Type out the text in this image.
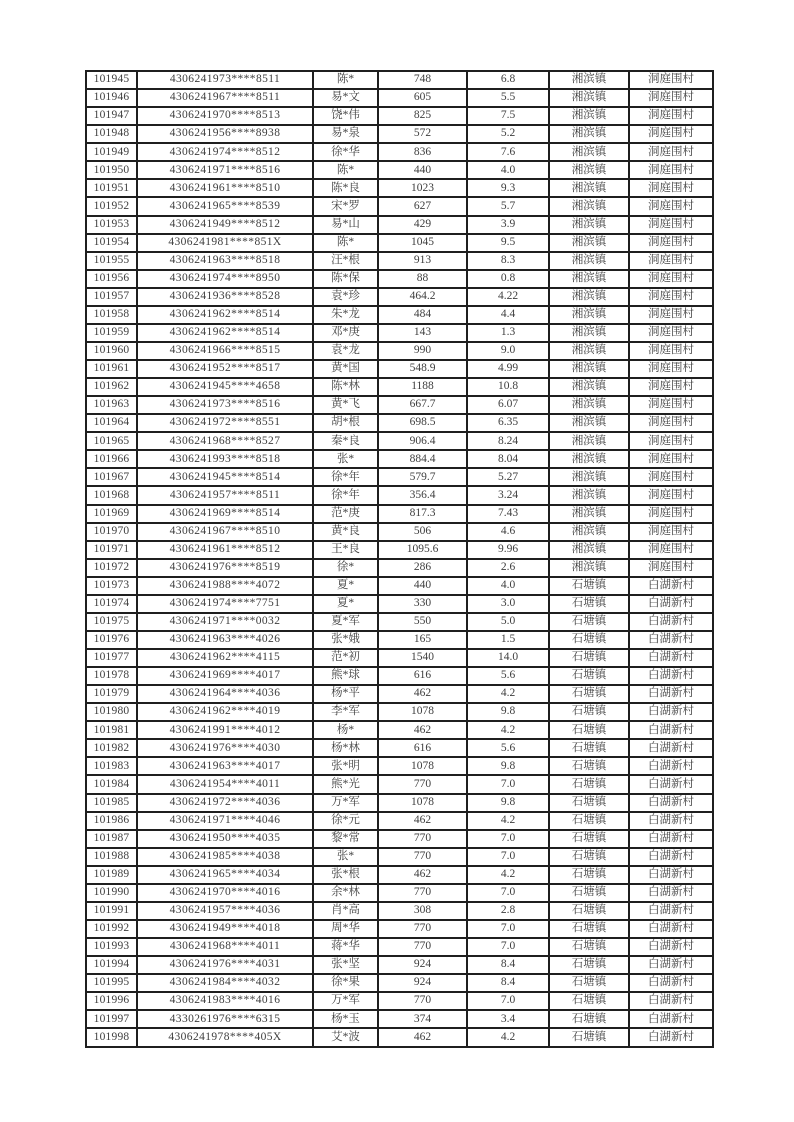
101945	4306241973****8511	陈*	748	6.8	湘滨镇	洞庭围村
101946	4306241967****8511	易*文	605	5.5	湘滨镇	洞庭围村
101947	4306241970****8513	饶*伟	825	7.5	湘滨镇	洞庭围村
101948	4306241956****8938	易*泉	572	5.2	湘滨镇	洞庭围村
101949	4306241974****8512	徐*华	836	7.6	湘滨镇	洞庭围村
101950	4306241971****8516	陈*	440	4.0	湘滨镇	洞庭围村
101951	4306241961****8510	陈*良	1023	9.3	湘滨镇	洞庭围村
101952	4306241965****8539	宋*罗	627	5.7	湘滨镇	洞庭围村
101953	4306241949****8512	易*山	429	3.9	湘滨镇	洞庭围村
101954	4306241981****851X	陈*	1045	9.5	湘滨镇	洞庭围村
101955	4306241963****8518	汪*根	913	8.3	湘滨镇	洞庭围村
101956	4306241974****8950	陈*保	88	0.8	湘滨镇	洞庭围村
101957	4306241936****8528	袁*珍	464.2	4.22	湘滨镇	洞庭围村
101958	4306241962****8514	朱*龙	484	4.4	湘滨镇	洞庭围村
101959	4306241962****8514	邓*庚	143	1.3	湘滨镇	洞庭围村
101960	4306241966****8515	袁*龙	990	9.0	湘滨镇	洞庭围村
101961	4306241952****8517	黄*国	548.9	4.99	湘滨镇	洞庭围村
101962	4306241945****4658	陈*林	1188	10.8	湘滨镇	洞庭围村
101963	4306241973****8516	黄*飞	667.7	6.07	湘滨镇	洞庭围村
101964	4306241972****8551	胡*根	698.5	6.35	湘滨镇	洞庭围村
101965	4306241968****8527	秦*良	906.4	8.24	湘滨镇	洞庭围村
101966	4306241993****8518	张*	884.4	8.04	湘滨镇	洞庭围村
101967	4306241945****8514	徐*年	579.7	5.27	湘滨镇	洞庭围村
101968	4306241957****8511	徐*年	356.4	3.24	湘滨镇	洞庭围村
101969	4306241969****8514	范*庚	817.3	7.43	湘滨镇	洞庭围村
101970	4306241967****8510	黄*良	506	4.6	湘滨镇	洞庭围村
101971	4306241961****8512	王*良	1095.6	9.96	湘滨镇	洞庭围村
101972	4306241976****8519	徐*	286	2.6	湘滨镇	洞庭围村
101973	4306241988****4072	夏*	440	4.0	石塘镇	白湖新村
101974	4306241974****7751	夏*	330	3.0	石塘镇	白湖新村
101975	4306241971****0032	夏*军	550	5.0	石塘镇	白湖新村
101976	4306241963****4026	张*娥	165	1.5	石塘镇	白湖新村
101977	4306241962****4115	范*初	1540	14.0	石塘镇	白湖新村
101978	4306241969****4017	熊*球	616	5.6	石塘镇	白湖新村
101979	4306241964****4036	杨*平	462	4.2	石塘镇	白湖新村
101980	4306241962****4019	李*军	1078	9.8	石塘镇	白湖新村
101981	4306241991****4012	杨*	462	4.2	石塘镇	白湖新村
101982	4306241976****4030	杨*林	616	5.6	石塘镇	白湖新村
101983	4306241963****4017	张*明	1078	9.8	石塘镇	白湖新村
101984	4306241954****4011	熊*光	770	7.0	石塘镇	白湖新村
101985	4306241972****4036	万*军	1078	9.8	石塘镇	白湖新村
101986	4306241971****4046	徐*元	462	4.2	石塘镇	白湖新村
101987	4306241950****4035	黎*常	770	7.0	石塘镇	白湖新村
101988	4306241985****4038	张*	770	7.0	石塘镇	白湖新村
101989	4306241965****4034	张*根	462	4.2	石塘镇	白湖新村
101990	4306241970****4016	余*林	770	7.0	石塘镇	白湖新村
101991	4306241957****4036	肖*高	308	2.8	石塘镇	白湖新村
101992	4306241949****4018	周*华	770	7.0	石塘镇	白湖新村
101993	4306241968****4011	蒋*华	770	7.0	石塘镇	白湖新村
101994	4306241976****4031	张*坚	924	8.4	石塘镇	白湖新村
101995	4306241984****4032	徐*果	924	8.4	石塘镇	白湖新村
101996	4306241983****4016	万*军	770	7.0	石塘镇	白湖新村
101997	4330261976****6315	杨*玉	374	3.4	石塘镇	白湖新村
101998	4306241978****405X	艾*波	462	4.2	石塘镇	白湖新村
